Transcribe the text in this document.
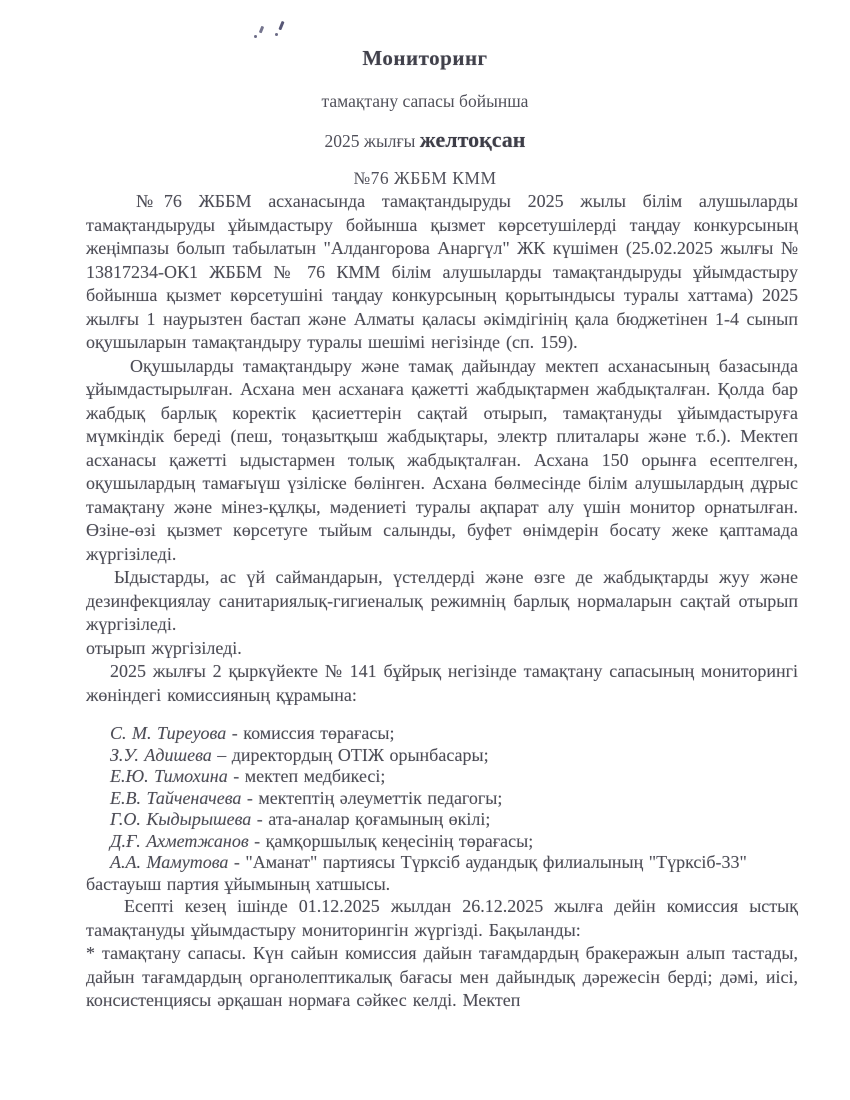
Мониторинг
тамақтану сапасы бойынша
2025 жылғы желтоқсан
№76 ЖББМ КММ

№76 ЖББМ асханасында тамақтандыруды 2025 жылы білім алушыларды тамақтандыруды ұйымдастыру бойынша қызмет көрсетушілерді таңдау конкурсының жеңімпазы болып табылатын "Алдангорова Анаргүл" ЖК күшімен (25.02.2025 жылғы № 13817234-ОК1 ЖББМ № 76 КММ білім алушыларды тамақтандыруды ұйымдастыру бойынша қызмет көрсетушіні таңдау конкурсының қорытындысы туралы хаттама) 2025 жылғы 1 наурызтен бастап және Алматы қаласы әкімдігінің қала бюджетінен 1-4 сынып оқушыларын тамақтандыру туралы шешімі негізінде (сп. 159).

Оқушыларды тамақтандыру және тамақ дайындау мектеп асханасының базасында ұйымдастырылған. Асхана мен асханаға қажетті жабдықтармен жабдықталған. Қолда бар жабдық барлық коректік қасиеттерін сақтай отырып, тамақтануды ұйымдастыруға мүмкіндік береді (пеш, тоңазытқыш жабдықтары, электр плиталары және т.б.). Мектеп асханасы қажетті ыдыстармен толық жабдықталған. Асхана 150 орынға есептелген, оқушылардың тамағыүш үзіліске бөлінген. Асхана бөлмесінде білім алушылардың дұрыс тамақтану және мінез-құлқы, мәдениеті туралы ақпарат алу үшін монитор орнатылған. Өзіне-өзі қызмет көрсетуге тыйым салынды, буфет өнімдерін босату жеке қаптамада жүргізіледі.

Ыдыстарды, ас үй саймандарын, үстелдерді және өзге де жабдықтарды жуу және дезинфекциялау санитариялық-гигиеналық режимнің барлық нормаларын сақтай отырып жүргізіледі.

отырып жүргізіледі.

2025 жылғы 2 қыркүйекте № 141 бұйрық негізінде тамақтану сапасының мониторингі жөніндегі комиссияның құрамына:

С. М. Тиреуова - комиссия төрағасы;
З.У. Адишева – директордың ОТІЖ орынбасары;
Е.Ю. Тимохина - мектеп медбикесі;
Е.В. Тайченачева - мектептің әлеуметтік педагогы;
Г.О. Кыдырышева - ата-аналар қоғамының өкілі;
Д.Ғ. Ахметжанов - қамқоршылық кеңесінің төрағасы;
А.А. Мамутова - "Аманат" партиясы Түрксіб аудандық филиалының "Түрксіб-33" бастауыш партия ұйымының хатшысы.

Есепті кезең ішінде 01.12.2025 жылдан 26.12.2025 жылға дейін комиссия ыстық тамақтануды ұйымдастыру мониторингін жүргізді. Бақыланды:

* тамақтану сапасы. Күн сайын комиссия дайын тағамдардың бракеражын алып тастады, дайын тағамдардың органолептикалық бағасы мен дайындық дәрежесін берді; дәмі, иісі, консистенциясы әрқашан нормаға сәйкес келді. Мектеп
